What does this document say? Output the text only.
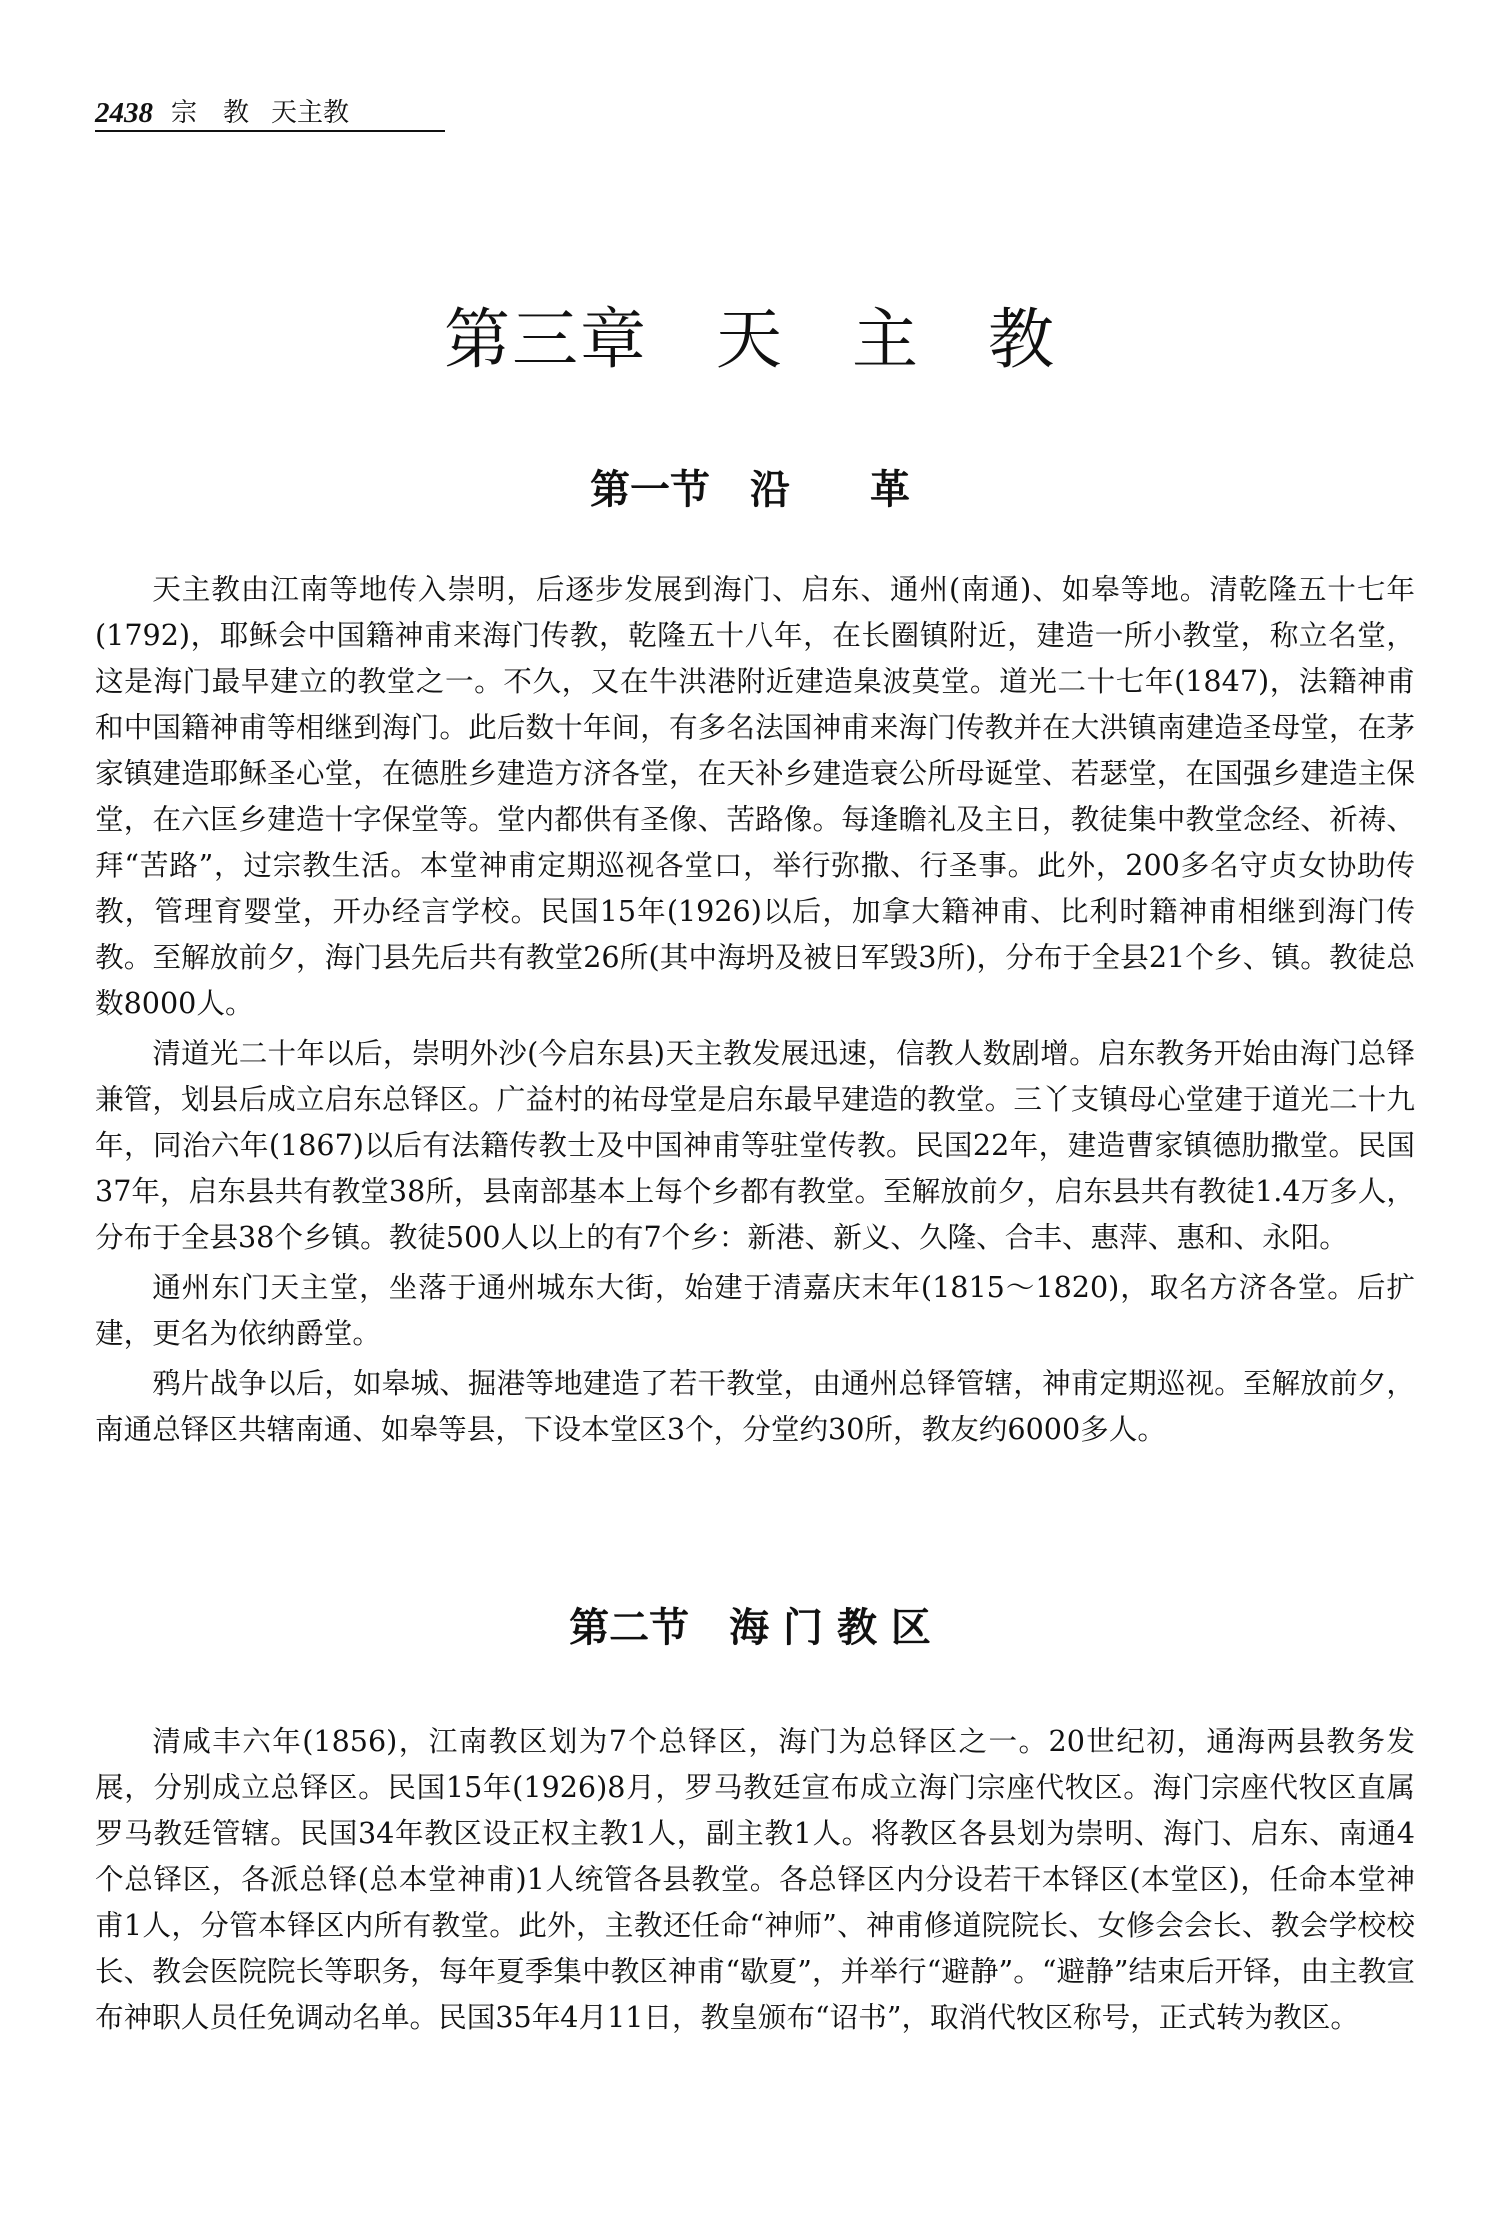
2438 宗　教 天主教
第三章　天　主　教
第一节　沿　　革

天主教由江南等地传入崇明，后逐步发展到海门、启东、通州(南通)、如皋等地。清乾隆五十七年(1792)，耶稣会中国籍神甫来海门传教，乾隆五十八年，在长圈镇附近，建造一所小教堂，称立名堂，这是海门最早建立的教堂之一。不久，又在牛洪港附近建造臬波莫堂。道光二十七年(1847)，法籍神甫和中国籍神甫等相继到海门。此后数十年间，有多名法国神甫来海门传教并在大洪镇南建造圣母堂，在茅家镇建造耶稣圣心堂，在德胜乡建造方济各堂，在天补乡建造衰公所母诞堂、若瑟堂，在国强乡建造主保堂，在六匡乡建造十字保堂等。堂内都供有圣像、苦路像。每逢瞻礼及主日，教徒集中教堂念经、祈祷、拜“苦路”，过宗教生活。本堂神甫定期巡视各堂口，举行弥撒、行圣事。此外，200多名守贞女协助传教，管理育婴堂，开办经言学校。民国15年(1926)以后，加拿大籍神甫、比利时籍神甫相继到海门传教。至解放前夕，海门县先后共有教堂26所(其中海坍及被日军毁3所)，分布于全县21个乡、镇。教徒总数8000人。

清道光二十年以后，崇明外沙(今启东县)天主教发展迅速，信教人数剧增。启东教务开始由海门总铎兼管，划县后成立启东总铎区。广益村的祐母堂是启东最早建造的教堂。三丫支镇母心堂建于道光二十九年，同治六年(1867)以后有法籍传教士及中国神甫等驻堂传教。民国22年，建造曹家镇德肋撒堂。民国37年，启东县共有教堂38所，县南部基本上每个乡都有教堂。至解放前夕，启东县共有教徒1.4万多人，分布于全县38个乡镇。教徒500人以上的有7个乡：新港、新义、久隆、合丰、惠萍、惠和、永阳。

通州东门天主堂，坐落于通州城东大街，始建于清嘉庆末年(1815～1820)，取名方济各堂。后扩建，更名为依纳爵堂。

鸦片战争以后，如皋城、掘港等地建造了若干教堂，由通州总铎管辖，神甫定期巡视。至解放前夕，南通总铎区共辖南通、如皋等县，下设本堂区3个，分堂约30所，教友约6000多人。

第二节　海 门 教 区

清咸丰六年(1856)，江南教区划为7个总铎区，海门为总铎区之一。20世纪初，通海两县教务发展，分别成立总铎区。民国15年(1926)8月，罗马教廷宣布成立海门宗座代牧区。海门宗座代牧区直属罗马教廷管辖。民国34年教区设正权主教1人，副主教1人。将教区各县划为崇明、海门、启东、南通4个总铎区，各派总铎(总本堂神甫)1人统管各县教堂。各总铎区内分设若干本铎区(本堂区)，任命本堂神甫1人，分管本铎区内所有教堂。此外，主教还任命“神师”、神甫修道院院长、女修会会长、教会学校校长、教会医院院长等职务，每年夏季集中教区神甫“歇夏”，并举行“避静”。“避静”结束后开铎，由主教宣布神职人员任免调动名单。民国35年4月11日，教皇颁布“诏书”，取消代牧区称号，正式转为教区。
